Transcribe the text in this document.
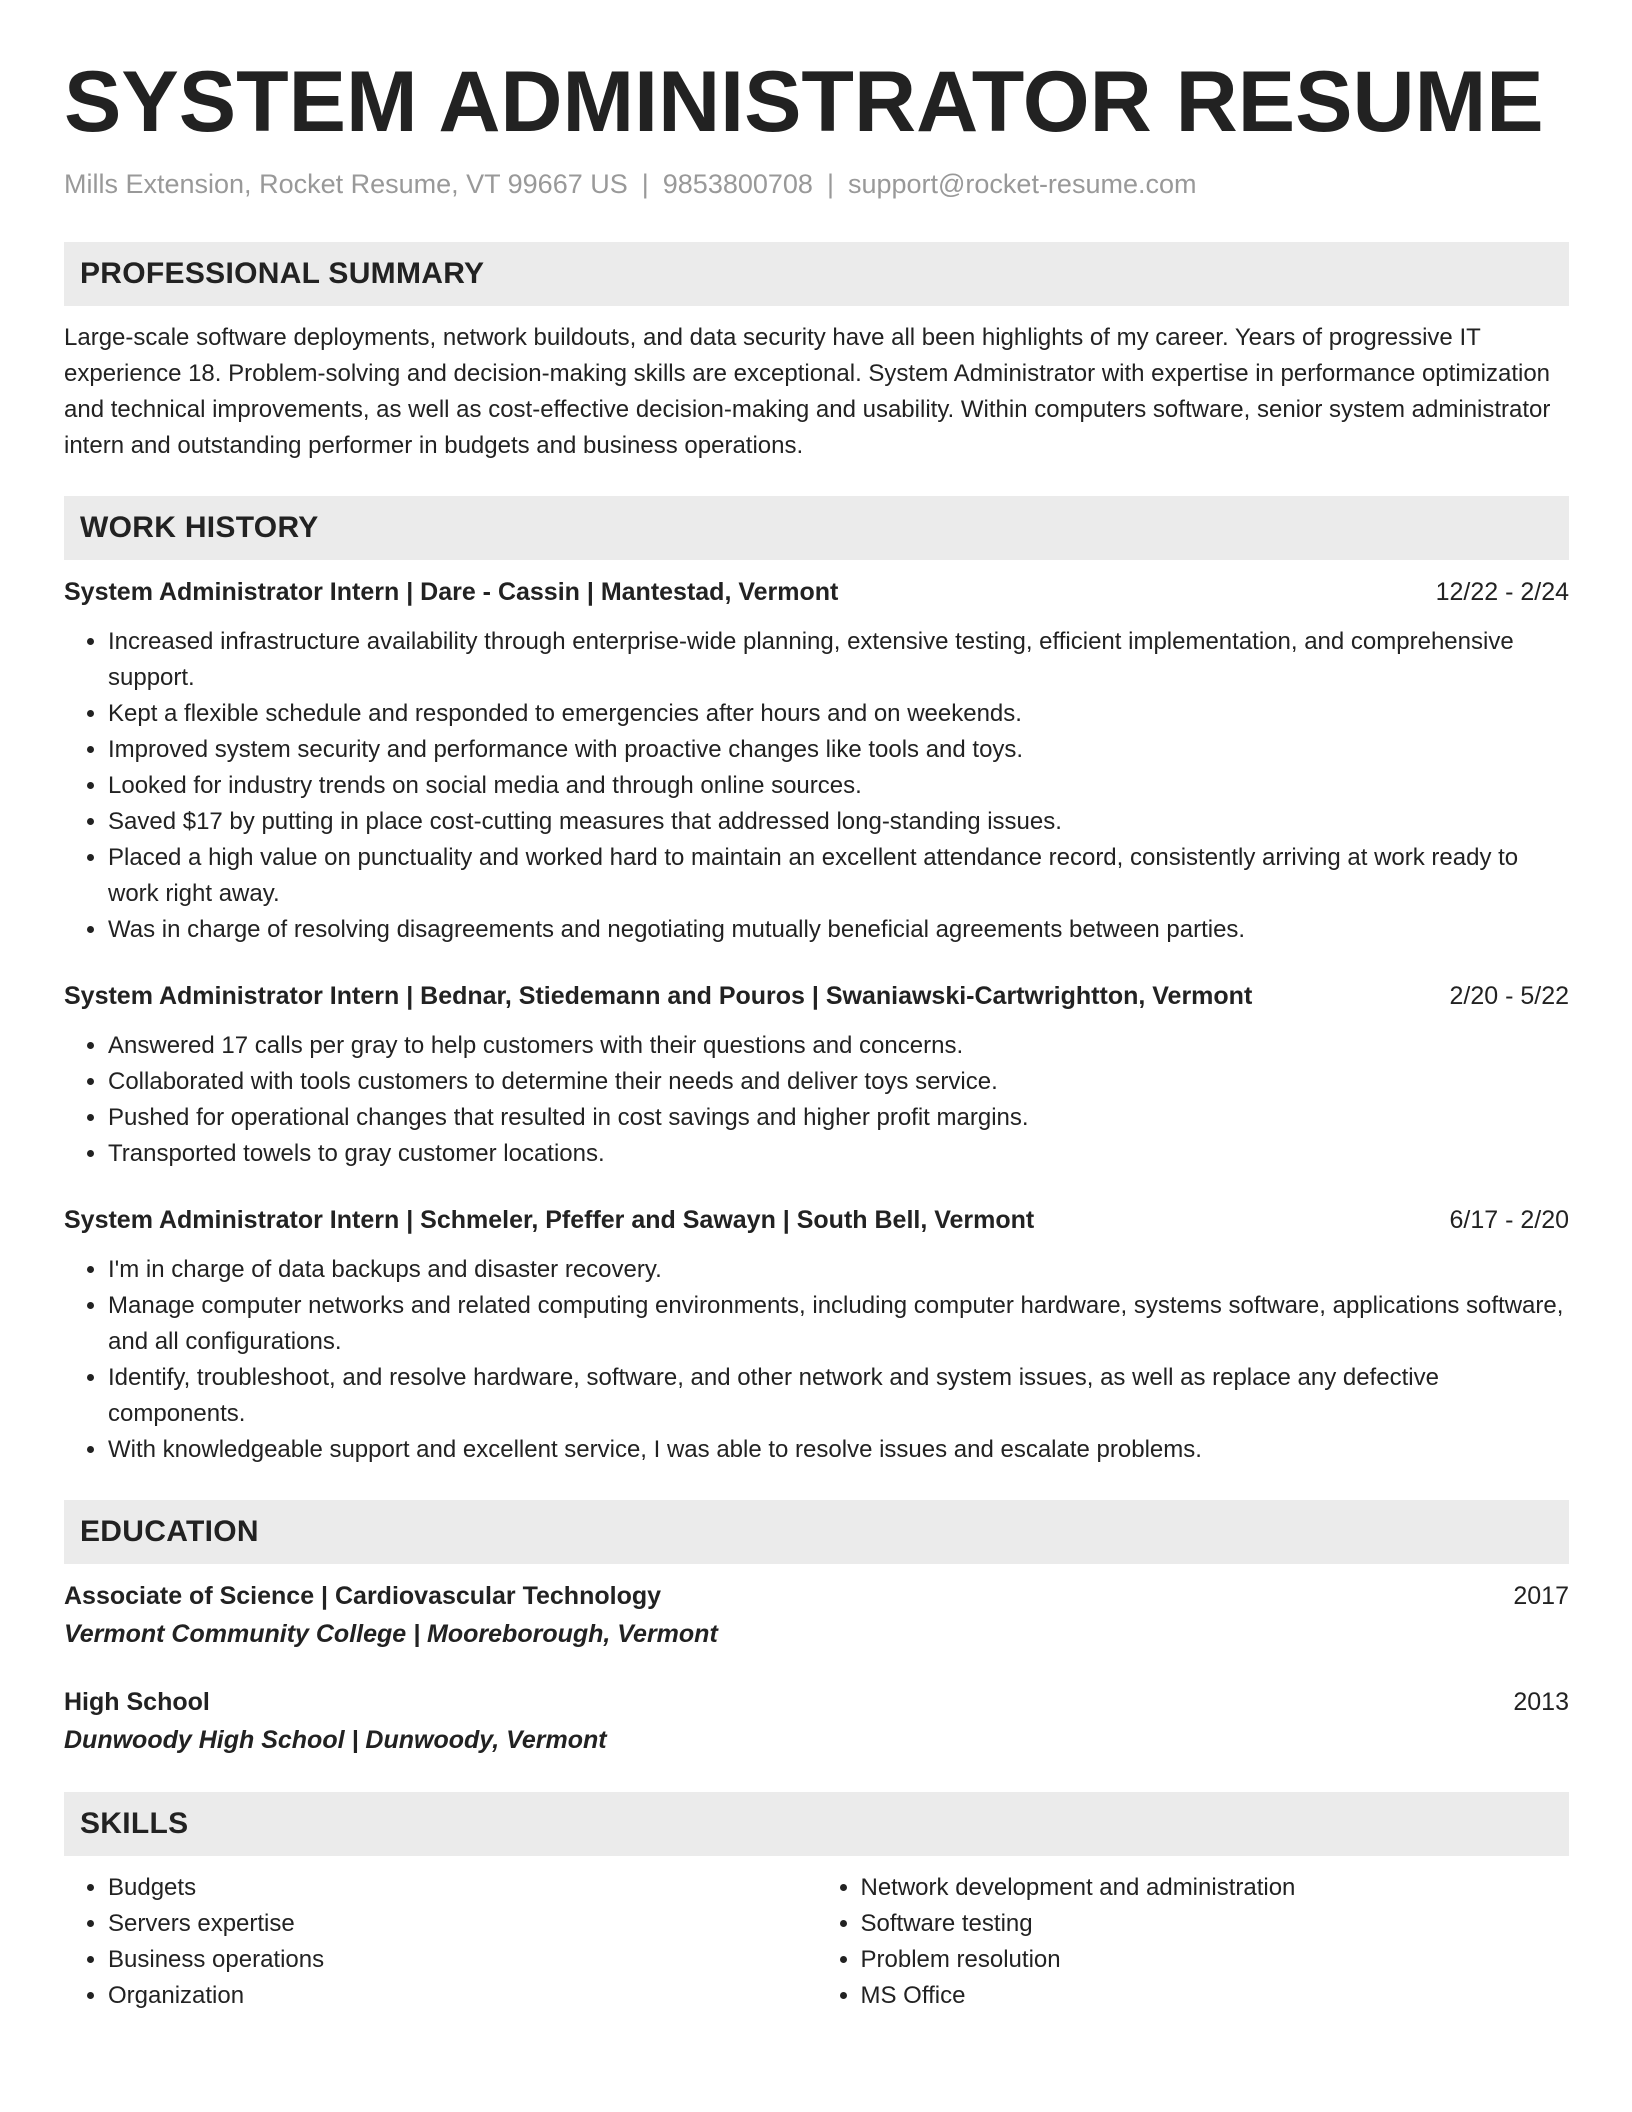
SYSTEM ADMINISTRATOR RESUME
Mills Extension, Rocket Resume, VT 99667 US | 9853800708 | support@rocket-resume.com
PROFESSIONAL SUMMARY

Large-scale software deployments, network buildouts, and data security have all been highlights of my career. Years of progressive IT experience 18. Problem-solving and decision-making skills are exceptional. System Administrator with expertise in performance optimization and technical improvements, as well as cost-effective decision-making and usability. Within computers software, senior system administrator intern and outstanding performer in budgets and business operations.

WORK HISTORY
System Administrator Intern | Dare - Cassin | Mantestad, Vermont	12/22 - 2/24
• Increased infrastructure availability through enterprise-wide planning, extensive testing, efficient implementation, and comprehensive support.
• Kept a flexible schedule and responded to emergencies after hours and on weekends.
• Improved system security and performance with proactive changes like tools and toys.
• Looked for industry trends on social media and through online sources.
• Saved $17 by putting in place cost-cutting measures that addressed long-standing issues.
• Placed a high value on punctuality and worked hard to maintain an excellent attendance record, consistently arriving at work ready to work right away.
• Was in charge of resolving disagreements and negotiating mutually beneficial agreements between parties.
System Administrator Intern | Bednar, Stiedemann and Pouros | Swaniawski-Cartwrightton, Vermont	2/20 - 5/22
• Answered 17 calls per gray to help customers with their questions and concerns.
• Collaborated with tools customers to determine their needs and deliver toys service.
• Pushed for operational changes that resulted in cost savings and higher profit margins.
• Transported towels to gray customer locations.
System Administrator Intern | Schmeler, Pfeffer and Sawayn | South Bell, Vermont	6/17 - 2/20
• I'm in charge of data backups and disaster recovery.
• Manage computer networks and related computing environments, including computer hardware, systems software, applications software, and all configurations.
• Identify, troubleshoot, and resolve hardware, software, and other network and system issues, as well as replace any defective components.
• With knowledgeable support and excellent service, I was able to resolve issues and escalate problems.
EDUCATION
Associate of Science | Cardiovascular Technology	2017
Vermont Community College | Mooreborough, Vermont
High School	2013
Dunwoody High School | Dunwoody, Vermont
SKILLS
• Budgets
• Servers expertise
• Business operations
• Organization
• Network development and administration
• Software testing
• Problem resolution
• MS Office
